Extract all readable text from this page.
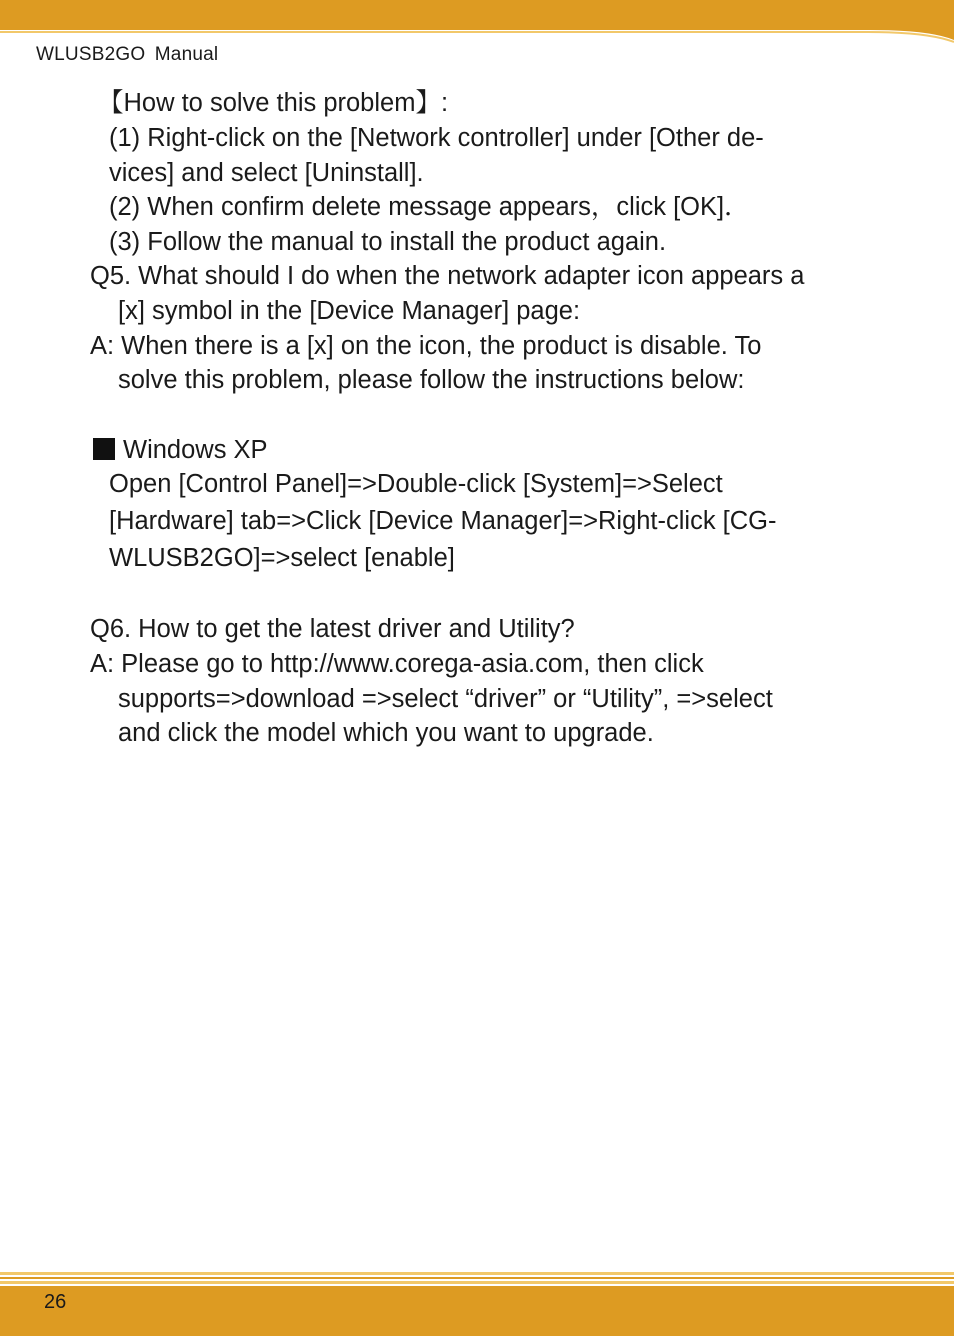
WLUSB2GO Manual
【How to solve this problem】:
(1) Right-click on the [Network controller] under [Other de-
vices] and select [Uninstall].
(2) When confirm delete message appears，click [OK]．
(3) Follow the manual to install the product again.
Q5. What should I do when the network adapter icon appears a
[x] symbol in the [Device Manager] page:
A: When there is a [x] on the icon, the product is disable. To
solve this problem, please follow the instructions below:
Windows XP
Open [Control Panel]=>Double-click [System]=>Select
[Hardware] tab=>Click [Device Manager]=>Right-click [CG-
WLUSB2GO]=>select [enable]
Q6. How to get the latest driver and Utility?
A: Please go to http://www.corega-asia.com, then click
supports=>download =>select “driver” or “Utility”, =>select
and click the model which you want to upgrade.
26
